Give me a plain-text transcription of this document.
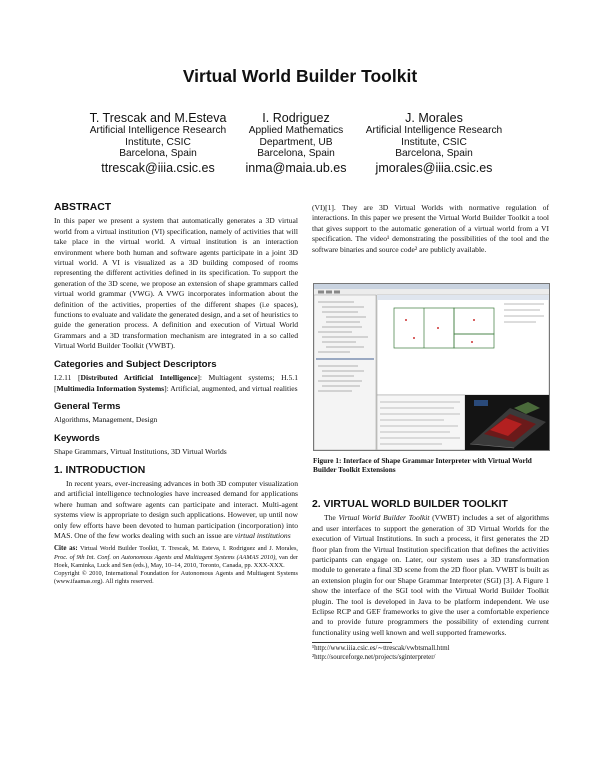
Virtual World Builder Toolkit
T. Trescak and M.Esteva
Artificial Intelligence Research
Institute, CSIC
Barcelona, Spain
ttrescak@iiia.csic.es
I. Rodriguez
Applied Mathematics
Department, UB
Barcelona, Spain
inma@maia.ub.es
J. Morales
Artificial Intelligence Research
Institute, CSIC
Barcelona, Spain
jmorales@iiia.csic.es
ABSTRACT

In this paper we present a system that automatically generates a 3D virtual world from a virtual institution (VI) specification, namely of activities that will take place in the virtual world. A virtual institution is an interaction environment where both human and software agents participate in a joint 3D virtual world. A VI is visualized as a 3D building composed of rooms representing the different activities defined in its specification. To support the generation of the 3D scene, we propose an extension of shape grammars called virtual world grammar (VWG). A VWG incorporates information about the definition of the activities, properties of the different shapes (i.e spaces), functions to evaluate and validate the generated design, and a set of heuristics to guide the generation process. A definition and execution of Virtual World Grammars and a 3D transformation mechanism are integrated in a so called Virtual World Builder Toolkit (VWBT).

Categories and Subject Descriptors

I.2.11 [Distributed Artificial Intelligence]: Multiagent systems; H.5.1 [Multimedia Information Systems]: Artificial, augmented, and virtual realities

General Terms

Algorithms, Management, Design

Keywords

Shape Grammars, Virtual Institutions, 3D Virtual Worlds

1. INTRODUCTION

In recent years, ever-increasing advances in both 3D computer visualization and artificial intelligence technologies have increased demand for applications where human and software agents can participate and interact. Multi-agent systems view is appropriate to design such applications. However, up until now only few efforts have been devoted to human participation (incorporation) into MAS. One of the few works dealing with such an issue are virtual institutions

Cite as: Virtual World Builder Toolkit, T. Trescak, M. Esteva, I. Rodriguez and J. Morales, Proc. of 9th Int. Conf. on Autonomous Agents and Multiagent Systems (AAMAS 2010), van der Hoek, Kaminka, Luck and Sen (eds.), May, 10–14, 2010, Toronto, Canada, pp. XXX-XXX.

Copyright © 2010, International Foundation for Autonomous Agents and Multiagent Systems (www.ifaamas.org). All rights reserved.

(VI)[1]. They are 3D Virtual Worlds with normative regulation of interactions. In this paper we present the Virtual World Builder Toolkit a tool that gives support to the automatic generation of a virtual world from a VI specification. The video¹ demonstrating the possibilities of the tool and the software binaries and source code² are publicly available.

Figure 1: Interface of Shape Grammar Interpreter with Virtual World Builder Toolkit Extensions
2. VIRTUAL WORLD BUILDER TOOLKIT

The Virtual World Builder Toolkit (VWBT) includes a set of algorithms and user interfaces to support the generation of 3D Virtual Worlds for the execution of Virtual Institutions. In such a process, it first generates the 2D floor plan from the Virtual Institution specification that defines the activities participants can engage on. Later, our system uses a 3D transformation module to generate a final 3D scene from the 2D floor plan. VWBT is built as an extension plugin for our Shape Grammar Interpreter (SGI) [3]. A Figure 1 show the interface of the SGI tool with the Virtual World Builder Toolkit plugin. The tool is developed in Java to be platform independent. We use Eclipse RCP and GEF frameworks to give the user a comfortable experience and to provide future programmers the possibility of extending current functionality using well known and well supported frameworks.

¹http://www.iiia.csic.es/∼ttrescak/vwbtsmall.html

²http://sourceforge.net/projects/sginterpreter/
